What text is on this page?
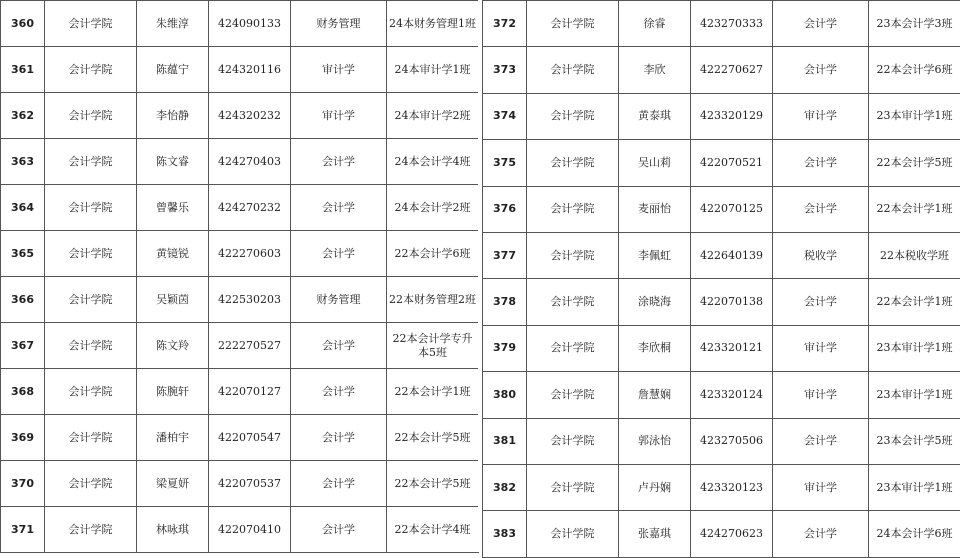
360	会计学院	朱维淳	424090133	财务管理	24本财务管理1班
361	会计学院	陈蕴宁	424320116	审计学	24本审计学1班
362	会计学院	李怡静	424320232	审计学	24本审计学2班
363	会计学院	陈文睿	424270403	会计学	24本会计学4班
364	会计学院	曾馨乐	424270232	会计学	24本会计学2班
365	会计学院	黄镜锐	422270603	会计学	22本会计学6班
366	会计学院	吴颖茵	422530203	财务管理	22本财务管理2班
367	会计学院	陈文羚	222270527	会计学	22本会计学专升本5班
368	会计学院	陈腕轩	422070127	会计学	22本会计学1班
369	会计学院	潘柏宇	422070547	会计学	22本会计学5班
370	会计学院	梁夏妍	422070537	会计学	22本会计学5班
371	会计学院	林咏琪	422070410	会计学	22本会计学4班
372	会计学院	徐睿	423270333	会计学	23本会计学3班
373	会计学院	李欣	422270627	会计学	22本会计学6班
374	会计学院	黄泰琪	423320129	审计学	23本审计学1班
375	会计学院	吴山莉	422070521	会计学	22本会计学5班
376	会计学院	麦丽怡	422070125	会计学	22本会计学1班
377	会计学院	李佩虹	422640139	税收学	22本税收学班
378	会计学院	涂晓海	422070138	会计学	22本会计学1班
379	会计学院	李欣桐	423320121	审计学	23本审计学1班
380	会计学院	詹慧娴	423320124	审计学	23本审计学1班
381	会计学院	郭泳怡	423270506	会计学	23本会计学5班
382	会计学院	卢丹娴	423320123	审计学	23本审计学1班
383	会计学院	张嘉琪	424270623	会计学	24本会计学6班
